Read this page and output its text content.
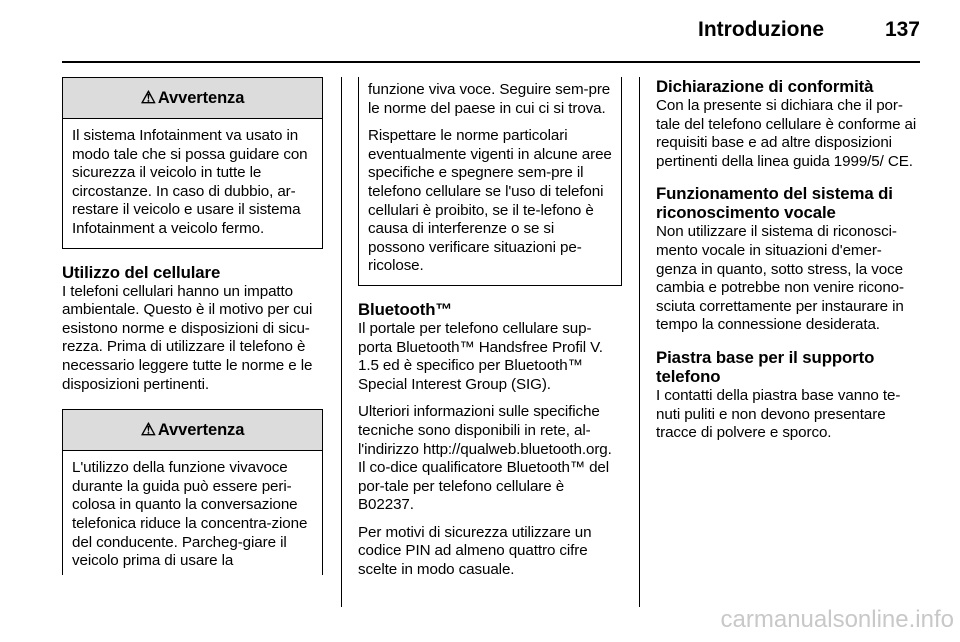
Introduzione	137
⚠ Avvertenza
Il sistema Infotainment va usato in modo tale che si possa guidare con sicurezza il veicolo in tutte le circostanze. In caso di dubbio, ar-restare il veicolo e usare il sistema Infotainment a veicolo fermo.
Utilizzo del cellulare

I telefoni cellulari hanno un impatto ambientale. Questo è il motivo per cui esistono norme e disposizioni di sicu-rezza. Prima di utilizzare il telefono è necessario leggere tutte le norme e le disposizioni pertinenti.

⚠ Avvertenza
L'utilizzo della funzione vivavoce durante la guida può essere peri-colosa in quanto la conversazione telefonica riduce la concentra-zione del conducente. Parcheg-giare il veicolo prima di usare la

funzione viva voce. Seguire sem-pre le norme del paese in cui ci si trova.

Rispettare le norme particolari eventualmente vigenti in alcune aree specifiche e spegnere sem-pre il telefono cellulare se l'uso di telefoni cellulari è proibito, se il te-lefono è causa di interferenze o se si possono verificare situazioni pe-ricolose.

Bluetooth™

Il portale per telefono cellulare sup-porta Bluetooth™ Handsfree Profil V. 1.5 ed è specifico per Bluetooth™ Special Interest Group (SIG).

Ulteriori informazioni sulle specifiche tecniche sono disponibili in rete, al-l'indirizzo http://qualweb.bluetooth.org. Il co-dice qualificatore Bluetooth™ del por-tale per telefono cellulare è B02237.

Per motivi di sicurezza utilizzare un codice PIN ad almeno quattro cifre scelte in modo casuale.

Dichiarazione di conformità

Con la presente si dichiara che il por-tale del telefono cellulare è conforme ai requisiti base e ad altre disposizioni pertinenti della linea guida 1999/5/ CE.

Funzionamento del sistema di riconoscimento vocale

Non utilizzare il sistema di riconosci-mento vocale in situazioni d'emer-genza in quanto, sotto stress, la voce cambia e potrebbe non venire ricono-sciuta correttamente per instaurare in tempo la connessione desiderata.

Piastra base per il supporto telefono

I contatti della piastra base vanno te-nuti puliti e non devono presentare tracce di polvere e sporco.

carmanualsonline.info
